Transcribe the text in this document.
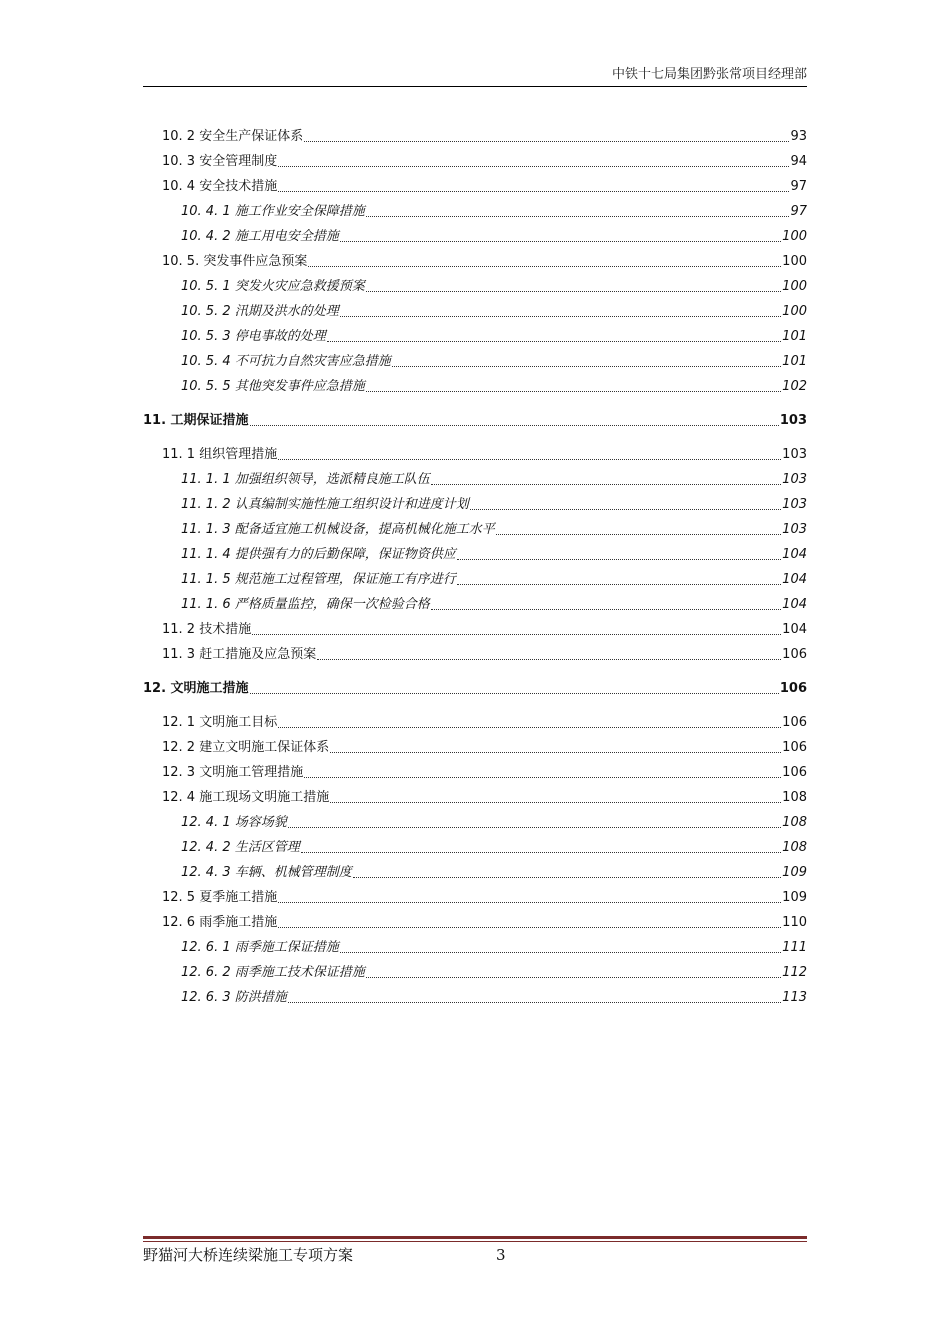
中铁十七局集团黔张常项目经理部
10. 2 安全生产保证体系	93
10. 3 安全管理制度	94
10. 4 安全技术措施	97
10. 4. 1 施工作业安全保障措施	97
10. 4. 2 施工用电安全措施	100
10. 5. 突发事件应急预案	100
10. 5. 1 突发火灾应急救援预案	100
10. 5. 2 汛期及洪水的处理	100
10. 5. 3 停电事故的处理	101
10. 5. 4 不可抗力自然灾害应急措施	101
10. 5. 5 其他突发事件应急措施	102
11. 工期保证措施	103
11. 1 组织管理措施	103
11. 1. 1 加强组织领导，选派精良施工队伍	103
11. 1. 2 认真编制实施性施工组织设计和进度计划	103
11. 1. 3 配备适宜施工机械设备，提高机械化施工水平	103
11. 1. 4 提供强有力的后勤保障，保证物资供应	104
11. 1. 5 规范施工过程管理，保证施工有序进行	104
11. 1. 6 严格质量监控，确保一次检验合格	104
11. 2 技术措施	104
11. 3 赶工措施及应急预案	106
12. 文明施工措施	106
12. 1 文明施工目标	106
12. 2 建立文明施工保证体系	106
12. 3 文明施工管理措施	106
12. 4 施工现场文明施工措施	108
12. 4. 1 场容场貌	108
12. 4. 2 生活区管理	108
12. 4. 3 车辆、机械管理制度	109
12. 5 夏季施工措施	109
12. 6 雨季施工措施	110
12. 6. 1 雨季施工保证措施	111
12. 6. 2 雨季施工技术保证措施	112
12. 6. 3 防洪措施	113
野猫河大桥连续梁施工专项方案	3
